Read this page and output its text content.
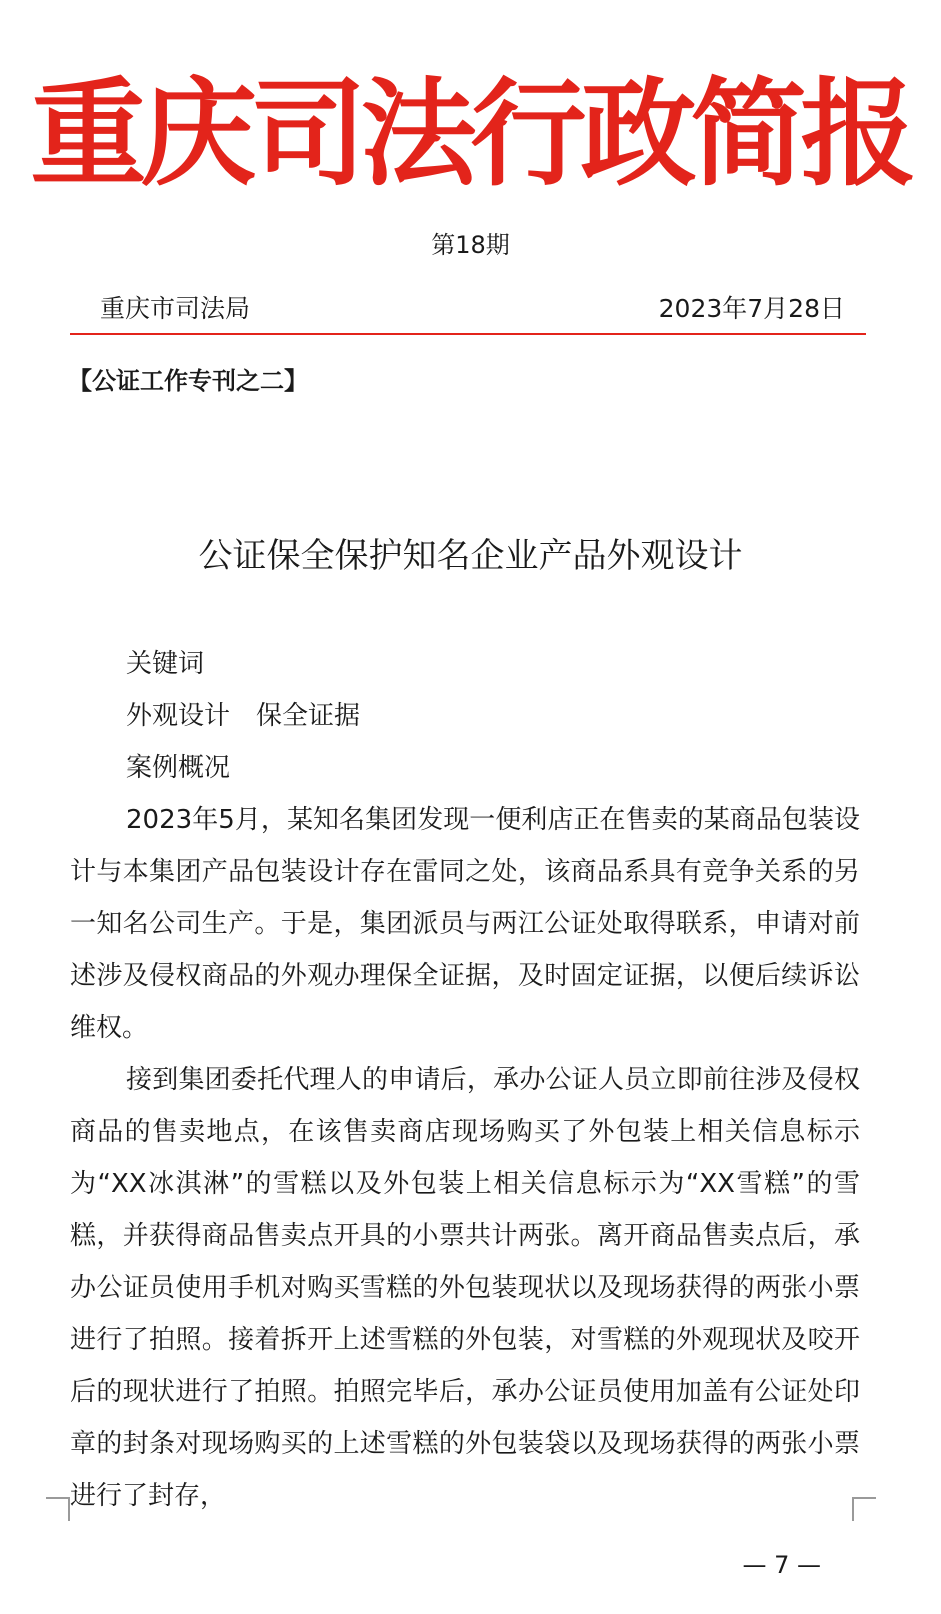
重庆司法行政简报
第18期
重庆市司法局	2023年7月28日
【公证工作专刊之二】
公证保全保护知名企业产品外观设计
关键词
外观设计　保全证据
案例概况

2023年5月，某知名集团发现一便利店正在售卖的某商品包装设计与本集团产品包装设计存在雷同之处，该商品系具有竞争关系的另一知名公司生产。于是，集团派员与两江公证处取得联系，申请对前述涉及侵权商品的外观办理保全证据，及时固定证据，以便后续诉讼维权。

接到集团委托代理人的申请后，承办公证人员立即前往涉及侵权商品的售卖地点，在该售卖商店现场购买了外包装上相关信息标示为“XX冰淇淋”的雪糕以及外包装上相关信息标示为“XX雪糕”的雪糕，并获得商品售卖点开具的小票共计两张。离开商品售卖点后，承办公证员使用手机对购买雪糕的外包装现状以及现场获得的两张小票进行了拍照。接着拆开上述雪糕的外包装，对雪糕的外观现状及咬开后的现状进行了拍照。拍照完毕后，承办公证员使用加盖有公证处印章的封条对现场购买的上述雪糕的外包装袋以及现场获得的两张小票进行了封存，

— 7 —
